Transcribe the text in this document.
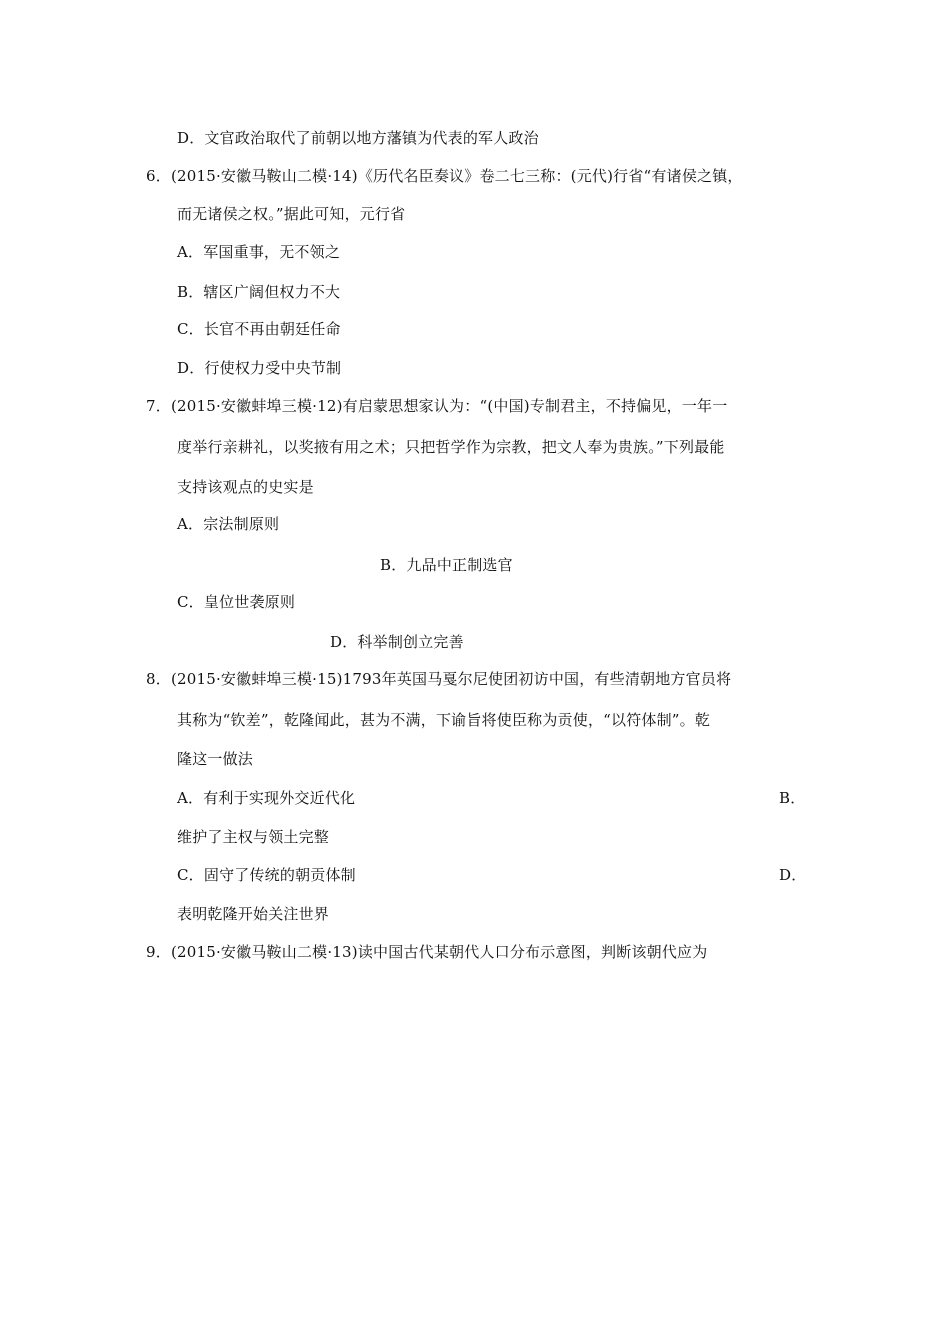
D．文官政治取代了前朝以地方藩镇为代表的军人政治
6．(2015·安徽马鞍山二模·14)《历代名臣奏议》卷二七三称：(元代)行省“有诸侯之镇，
而无诸侯之权。”据此可知，元行省
A．军国重事，无不领之
B．辖区广阔但权力不大
C．长官不再由朝廷任命
D．行使权力受中央节制
7．(2015·安徽蚌埠三模·12)有启蒙思想家认为：“(中国)专制君主，不持偏见，一年一
度举行亲耕礼，以奖掖有用之术；只把哲学作为宗教，把文人奉为贵族。”下列最能
支持该观点的史实是
A．宗法制原则
B．九品中正制选官
C．皇位世袭原则
D．科举制创立完善
8．(2015·安徽蚌埠三模·15)1793年英国马戛尔尼使团初访中国，有些清朝地方官员将
其称为“钦差”，乾隆闻此，甚为不满，下谕旨将使臣称为贡使，“以符体制”。乾
隆这一做法
A．有利于实现外交近代化	B．
维护了主权与领土完整
C．固守了传统的朝贡体制	D．
表明乾隆开始关注世界
9．(2015·安徽马鞍山二模·13)读中国古代某朝代人口分布示意图，判断该朝代应为
